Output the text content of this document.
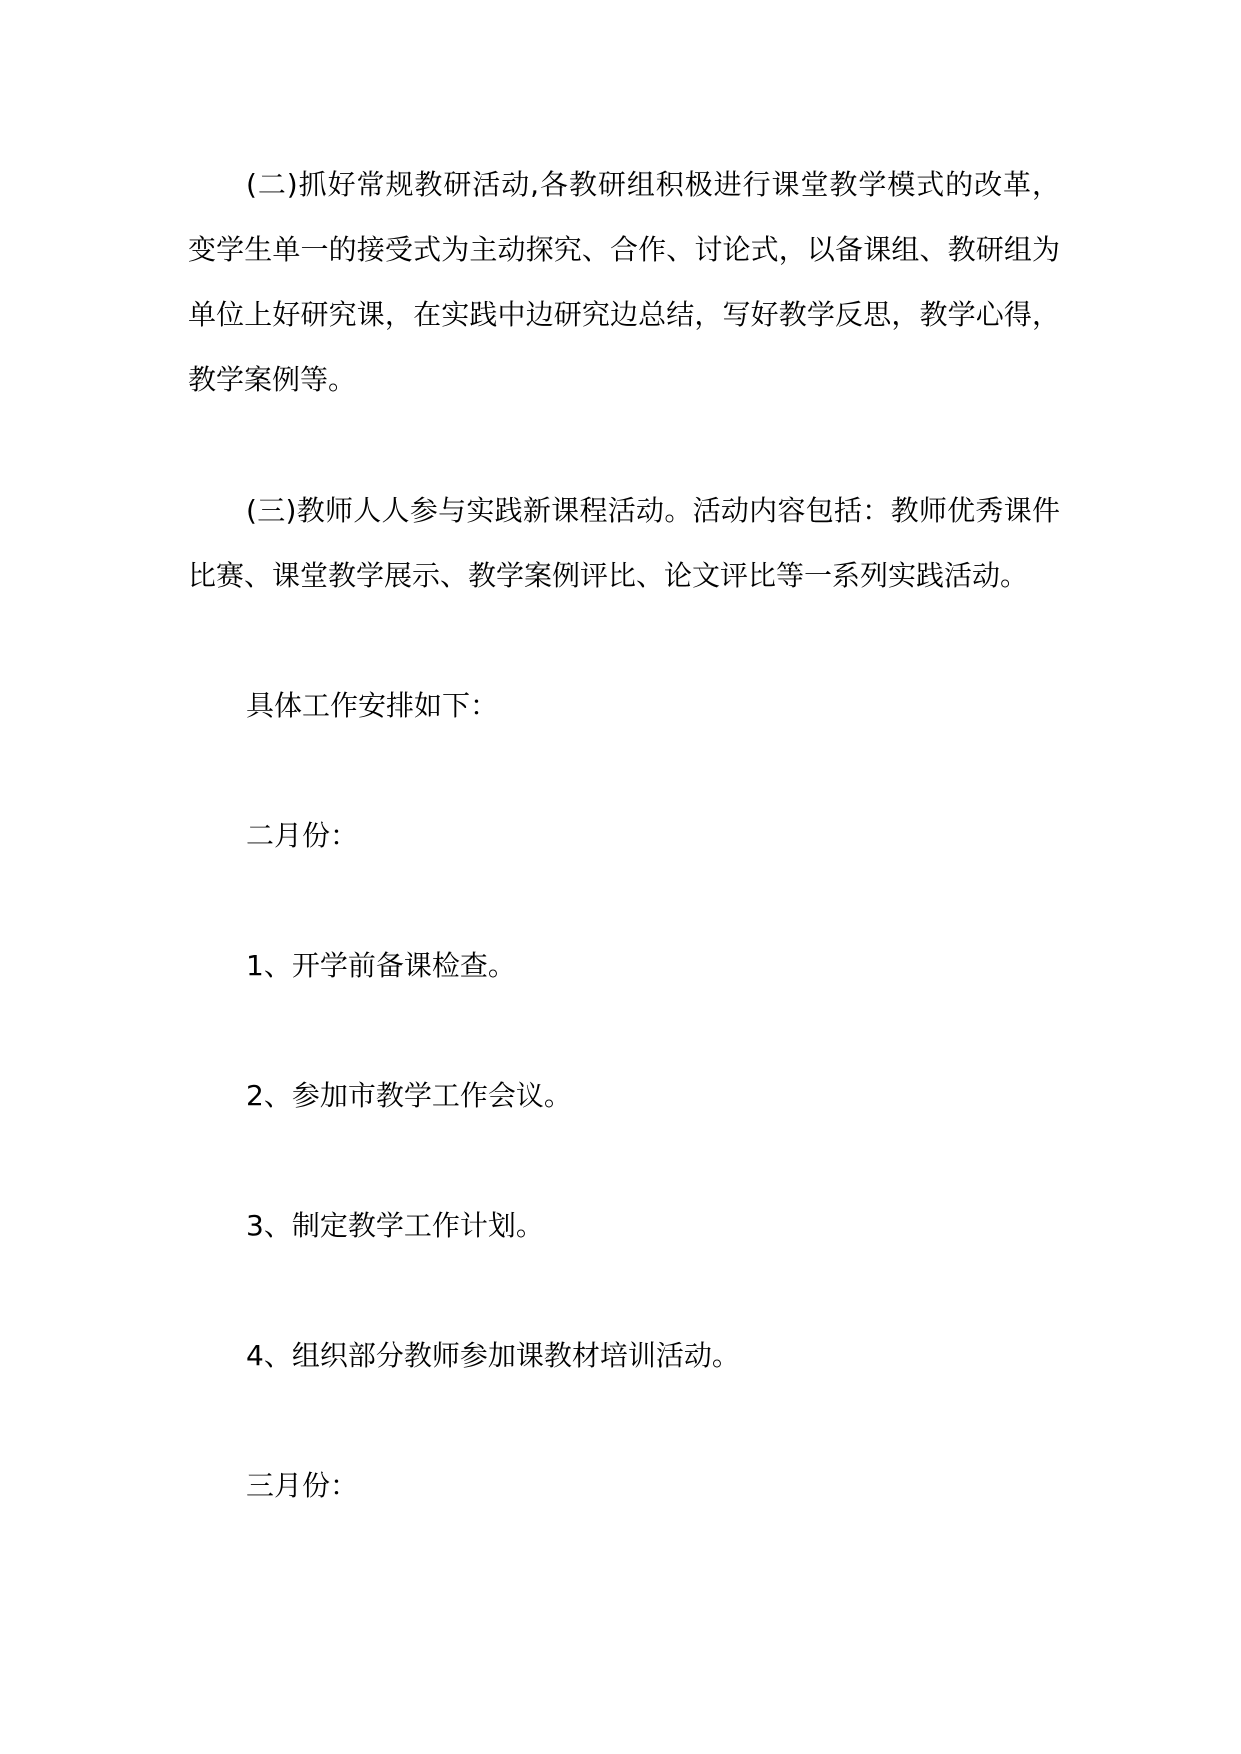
(二)抓好常规教研活动,各教研组积极进行课堂教学模式的改革，变学生单一的接受式为主动探究、合作、讨论式，以备课组、教研组为单位上好研究课，在实践中边研究边总结，写好教学反思，教学心得，教学案例等。

(三)教师人人参与实践新课程活动。活动内容包括：教师优秀课件比赛、课堂教学展示、教学案例评比、论文评比等一系列实践活动。

具体工作安排如下：

二月份：

1、开学前备课检查。

2、参加市教学工作会议。

3、制定教学工作计划。

4、组织部分教师参加课教材培训活动。

三月份：
